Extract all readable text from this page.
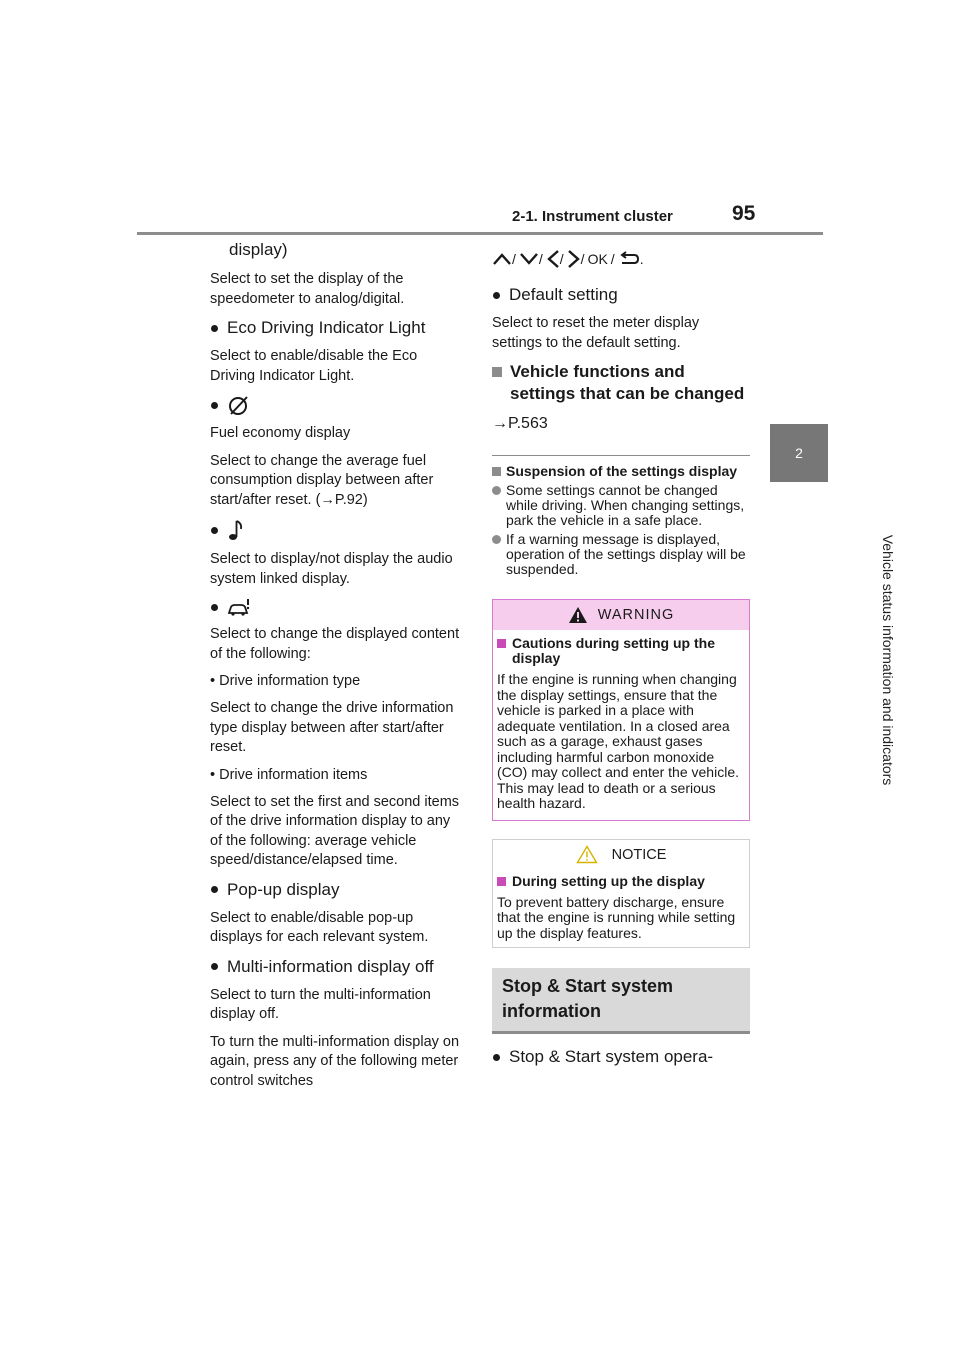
2-1. Instrument cluster	95
2
Vehicle status information and indicators

display)

Select to set the display of the speedometer to analog/digital.

Eco Driving Indicator Light

Select to enable/disable the Eco Driving Indicator Light.

Fuel economy display

Select to change the average fuel consumption display between after start/after reset. (→P.92)

Select to display/not display the audio system linked display.

Select to change the displayed content of the following:

• Drive information type

Select to change the drive information type display between after start/after reset.

• Drive information items

Select to set the first and second items of the drive information display to any of the following: average vehicle speed/distance/elapsed time.

Pop-up display

Select to enable/disable pop-up displays for each relevant system.

Multi-information display off

Select to turn the multi-information display off.

To turn the multi-information display on again, press any of the following meter control switches

/ / / / OK / .
Default setting

Select to reset the meter display settings to the default setting.

Vehicle functions and settings that can be changed

→P.563

Suspension of the settings display
Some settings cannot be changed while driving. When changing settings, park the vehicle in a safe place.
If a warning message is displayed, operation of the settings display will be suspended.
WARNING
Cautions during setting up the display
If the engine is running when changing the display settings, ensure that the vehicle is parked in a place with adequate ventilation. In a closed area such as a garage, exhaust gases including harmful carbon monoxide (CO) may collect and enter the vehicle. This may lead to death or a serious health hazard.
NOTICE
During setting up the display
To prevent battery discharge, ensure that the engine is running while setting up the display features.
Stop & Start system information
Stop & Start system opera-
